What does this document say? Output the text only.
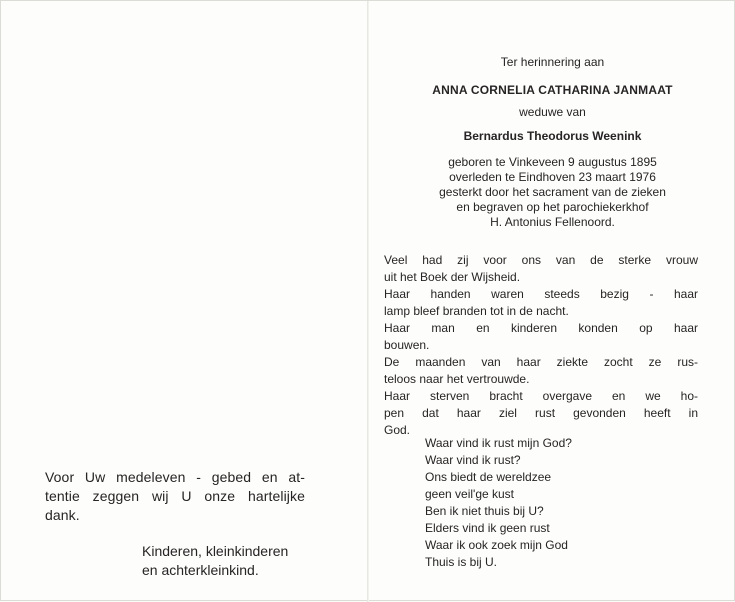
Voor Uw medeleven - gebed en at-
tentie zeggen wij U onze hartelijke
dank.
Kinderen, kleinkinderen
en achterkleinkind.
Ter herinnering aan
ANNA CORNELIA CATHARINA JANMAAT
weduwe van
Bernardus Theodorus Weenink
geboren te Vinkeveen 9 augustus 1895
overleden te Eindhoven 23 maart 1976
gesterkt door het sacrament van de zieken
en begraven op het parochiekerkhof
H. Antonius Fellenoord.
Veel had zij voor ons van de sterke vrouw
uit het Boek der Wijsheid.
Haar handen waren steeds bezig - haar
lamp bleef branden tot in de nacht.
Haar man en kinderen konden op haar
bouwen.
De maanden van haar ziekte zocht ze rus-
teloos naar het vertrouwde.
Haar sterven bracht overgave en we ho-
pen dat haar ziel rust gevonden heeft in
God.
Waar vind ik rust mijn God?
Waar vind ik rust?
Ons biedt de wereldzee
geen veil'ge kust
Ben ik niet thuis bij U?
Elders vind ik geen rust
Waar ik ook zoek mijn God
Thuis is bij U.
